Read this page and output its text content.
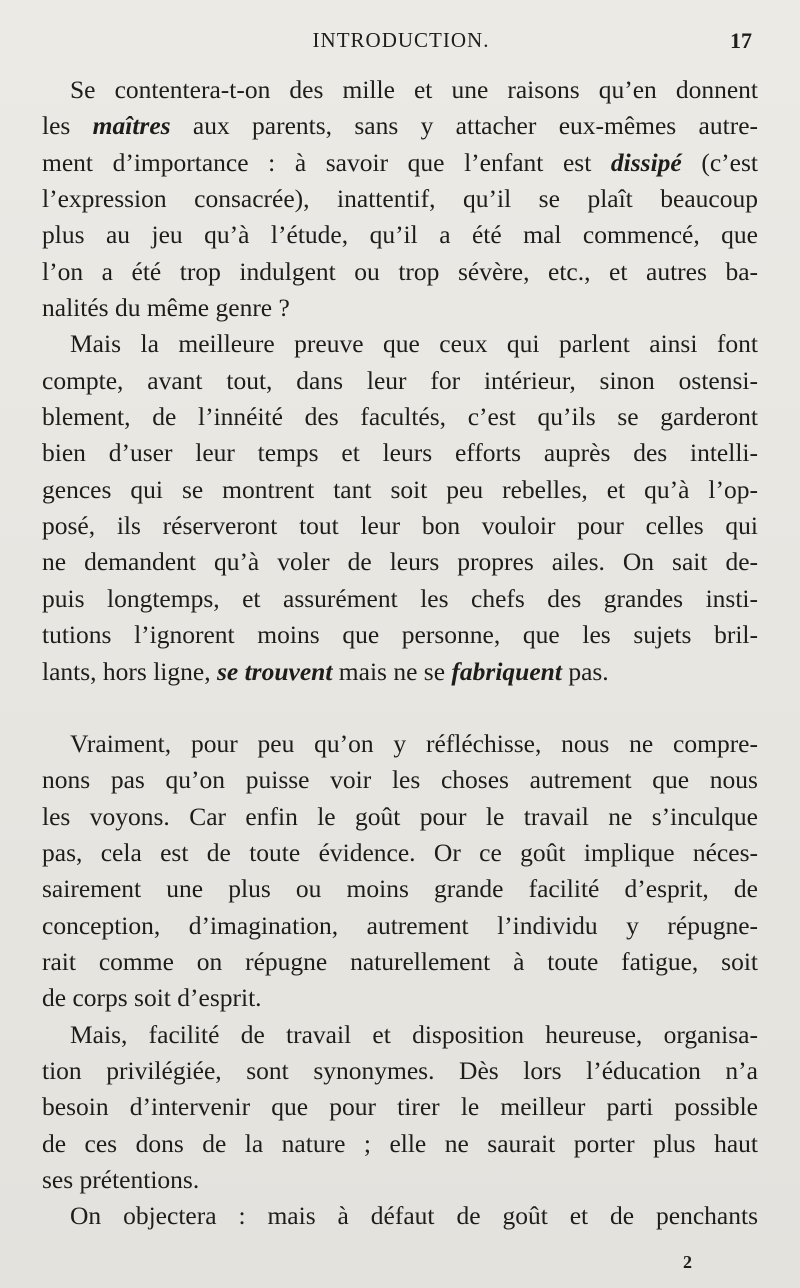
INTRODUCTION.	17
Se contentera-t-on des mille et une raisons qu’en donnent
les maîtres aux parents, sans y attacher eux-mêmes autre-
ment d’importance : à savoir que l’enfant est dissipé (c’est
l’expression consacrée), inattentif, qu’il se plaît beaucoup
plus au jeu qu’à l’étude, qu’il a été mal commencé, que
l’on a été trop indulgent ou trop sévère, etc., et autres ba-
nalités du même genre ?
Mais la meilleure preuve que ceux qui parlent ainsi font
compte, avant tout, dans leur for intérieur, sinon ostensi-
blement, de l’innéité des facultés, c’est qu’ils se garderont
bien d’user leur temps et leurs efforts auprès des intelli-
gences qui se montrent tant soit peu rebelles, et qu’à l’op-
posé, ils réserveront tout leur bon vouloir pour celles qui
ne demandent qu’à voler de leurs propres ailes. On sait de-
puis longtemps, et assurément les chefs des grandes insti-
tutions l’ignorent moins que personne, que les sujets bril-
lants, hors ligne, se trouvent mais ne se fabriquent pas.
Vraiment, pour peu qu’on y réfléchisse, nous ne compre-
nons pas qu’on puisse voir les choses autrement que nous
les voyons. Car enfin le goût pour le travail ne s’inculque
pas, cela est de toute évidence. Or ce goût implique néces-
sairement une plus ou moins grande facilité d’esprit, de
conception, d’imagination, autrement l’individu y répugne-
rait comme on répugne naturellement à toute fatigue, soit
de corps soit d’esprit.
Mais, facilité de travail et disposition heureuse, organisa-
tion privilégiée, sont synonymes. Dès lors l’éducation n’a
besoin d’intervenir que pour tirer le meilleur parti possible
de ces dons de la nature ; elle ne saurait porter plus haut
ses prétentions.
On objectera : mais à défaut de goût et de penchants
2
